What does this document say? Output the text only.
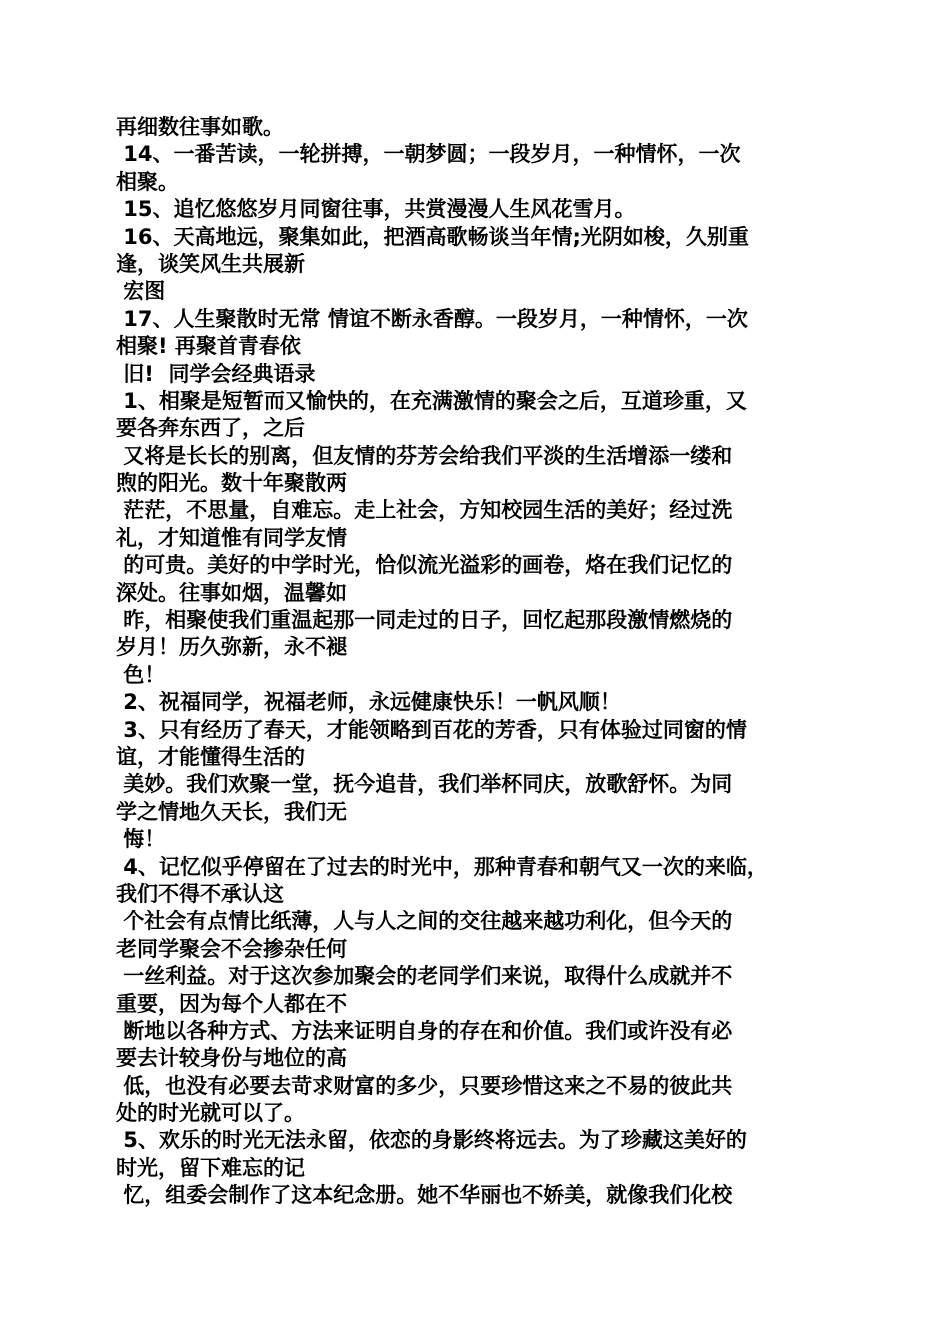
再细数往事如歌。
14、一番苦读，一轮拼搏，一朝梦圆；一段岁月，一种情怀，一次
相聚。
15、追忆悠悠岁月同窗往事，共赏漫漫人生风花雪月。
16、天高地远，聚集如此，把酒高歌畅谈当年情;光阴如梭，久别重
逢，谈笑风生共展新
宏图
17、人生聚散时无常 情谊不断永香醇。一段岁月，一种情怀，一次
相聚! 再聚首青春依
旧!  同学会经典语录
1、相聚是短暂而又愉快的，在充满激情的聚会之后，互道珍重，又
要各奔东西了，之后
又将是长长的别离，但友情的芬芳会给我们平淡的生活增添一缕和
煦的阳光。数十年聚散两
茫茫，不思量，自难忘。走上社会，方知校园生活的美好；经过洗
礼，才知道惟有同学友情
的可贵。美好的中学时光，恰似流光溢彩的画卷，烙在我们记忆的
深处。往事如烟，温馨如
昨，相聚使我们重温起那一同走过的日子，回忆起那段激情燃烧的
岁月！历久弥新，永不褪
色！
2、祝福同学，祝福老师，永远健康快乐！一帆风顺！
3、只有经历了春天，才能领略到百花的芳香，只有体验过同窗的情
谊，才能懂得生活的
美妙。我们欢聚一堂，抚今追昔，我们举杯同庆，放歌舒怀。为同
学之情地久天长，我们无
悔！
4、记忆似乎停留在了过去的时光中，那种青春和朝气又一次的来临，
我们不得不承认这
个社会有点情比纸薄，人与人之间的交往越来越功利化，但今天的
老同学聚会不会掺杂任何
一丝利益。对于这次参加聚会的老同学们来说，取得什么成就并不
重要，因为每个人都在不
断地以各种方式、方法来证明自身的存在和价值。我们或许没有必
要去计较身份与地位的高
低，也没有必要去苛求财富的多少，只要珍惜这来之不易的彼此共
处的时光就可以了。
5、欢乐的时光无法永留，依恋的身影终将远去。为了珍藏这美好的
时光，留下难忘的记
忆，组委会制作了这本纪念册。她不华丽也不娇美，就像我们化校
